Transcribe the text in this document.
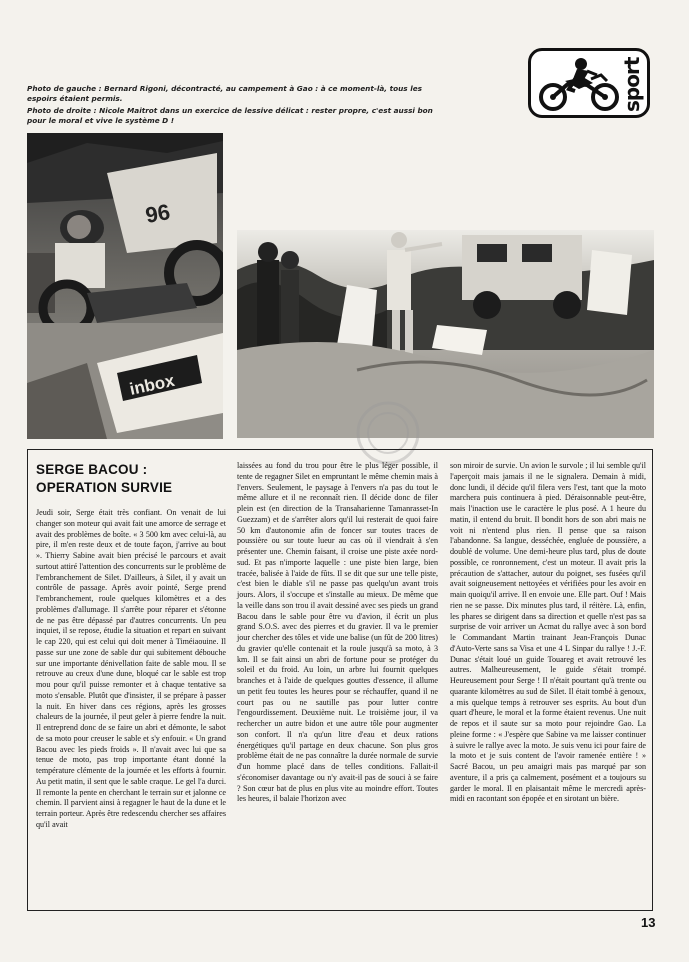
Photo de gauche : Bernard Rigoni, décontracté, au campement à Gao : à ce moment-là, tous les espoirs étaient permis.

Photo de droite : Nicole Maitrot dans un exercice de lessive délicat : rester propre, c'est aussi bon pour le moral et vive le système D !

sport
96
inbox
SERGE BACOU :
OPERATION SURVIE

Jeudi soir, Serge était très confiant. On venait de lui changer son moteur qui avait fait une amorce de serrage et avait des problèmes de boîte. « 3 500 km avec celui-là, au pire, il m'en reste deux et de toute façon, j'arrive au bout ». Thierry Sabine avait bien précisé le parcours et avait surtout attiré l'attention des concurrents sur le problème de l'embranchement de Silet. D'ailleurs, à Silet, il y avait un contrôle de passage. Après avoir pointé, Serge prend l'embranchement, roule quelques kilomètres et a des problèmes d'allumage. Il s'arrête pour réparer et s'étonne de ne pas être dépassé par d'autres concurrents. Un peu inquiet, il se repose, étudie la situation et repart en suivant le cap 220, qui est celui qui doit mener à Timéiaouine. Il passe sur une zone de sable dur qui subitement débouche sur une importante dénivellation faite de sable mou. Il se retrouve au creux d'une dune, bloqué car le sable est trop mou pour qu'il puisse remonter et à chaque tentative sa moto s'ensable. Plutôt que d'insister, il se prépare à passer la nuit. En hiver dans ces régions, après les grosses chaleurs de la journée, il peut geler à pierre fendre la nuit. Il entreprend donc de se faire un abri et démonte, le sabot de sa moto pour creuser le sable et s'y enfouir. « Un grand Bacou avec les pieds froids ». Il n'avait avec lui que sa tenue de moto, pas trop importante étant donné la température clémente de la journée et les efforts à fournir. Au petit matin, il sent que le sable craque. Le gel l'a durci. Il remonte la pente en cherchant le terrain sur et jalonne ce chemin. Il parvient ainsi à regagner le haut de la dune et le terrain porteur. Après être redescendu chercher ses affaires qu'il avait

laissées au fond du trou pour être le plus léger possible, il tente de regagner Silet en empruntant le même chemin mais à l'envers. Seulement, le paysage à l'envers n'a pas du tout le même allure et il ne reconnaît rien. Il décide donc de filer plein est (en direction de la Transaharienne Tamanrasset-In Guezzam) et de s'arrêter alors qu'il lui resterait de quoi faire 50 km d'autonomie afin de foncer sur toutes traces de poussière ou sur toute lueur au cas où il viendrait à s'en présenter une. Chemin faisant, il croise une piste axée nord-sud. Et pas n'importe laquelle : une piste bien large, bien tracée, balisée à l'aide de fûts. Il se dit que sur une telle piste, c'est bien le diable s'il ne passe pas quelqu'un avant trois jours. Alors, il s'occupe et s'installe au mieux. De même que la veille dans son trou il avait dessiné avec ses pieds un grand Bacou dans le sable pour être vu d'avion, il écrit un plus grand S.O.S. avec des pierres et du gravier. Il va le premier jour chercher des tôles et vide une balise (un fût de 200 litres) du gravier qu'elle contenait et la roule jusqu'à sa moto, à 3 km. Il se fait ainsi un abri de fortune pour se protéger du soleil et du froid. Au loin, un arbre lui fournit quelques branches et à l'aide de quelques gouttes d'essence, il allume un petit feu toutes les heures pour se réchauffer, quand il ne court pas ou ne sautille pas pour lutter contre l'engourdissement. Deuxième nuit. Le troisième jour, il va rechercher un autre bidon et une autre tôle pour augmenter son confort. Il n'a qu'un litre d'eau et deux rations énergétiques qu'il partage en deux chacune. Son plus gros problème était de ne pas connaître la durée normale de survie d'un homme placé dans de telles conditions. Fallait-il s'économiser davantage ou n'y avait-il pas de souci à se faire ? Son cœur bat de plus en plus vite au moindre effort. Toutes les heures, il balaie l'horizon avec

son miroir de survie. Un avion le survole ; il lui semble qu'il l'aperçoit mais jamais il ne le signalera. Demain à midi, donc lundi, il décide qu'il filera vers l'est, tant que la moto marchera puis continuera à pied. Déraisonnable peut-être, mais l'inaction use le caractère le plus posé. A 1 heure du matin, il entend du bruit. Il bondit hors de son abri mais ne voit ni n'entend plus rien. Il pense que sa raison l'abandonne. Sa langue, desséchée, engluée de poussière, a doublé de volume. Une demi-heure plus tard, plus de doute possible, ce ronronnement, c'est un moteur. Il avait pris la précaution de s'attacher, autour du poignet, ses fusées qu'il avait soigneusement nettoyées et vérifiées pour les avoir en main quoiqu'il arrive. Il en envoie une. Elle part. Ouf ! Mais rien ne se passe. Dix minutes plus tard, il réitère. Là, enfin, les phares se dirigent dans sa direction et quelle n'est pas sa surprise de voir arriver un Acmat du rallye avec à son bord le Commandant Martin trainant Jean-François Dunac d'Auto-Verte sans sa Visa et une 4 L Sinpar du rallye ! J.-F. Dunac s'était loué un guide Touareg et avait retrouvé les autres. Malheureusement, le guide s'était trompé. Heureusement pour Serge ! Il n'était pourtant qu'à trente ou quarante kilomètres au sud de Silet. Il était tombé à genoux, a mis quelque temps à retrouver ses esprits. Au bout d'un quart d'heure, le moral et la forme étaient revenus. Une nuit de repos et il saute sur sa moto pour rejoindre Gao. La pleine forme : « J'espère que Sabine va me laisser continuer à suivre le rallye avec la moto. Je suis venu ici pour faire de la moto et je suis content de l'avoir ramenée entière ! » Sacré Bacou, un peu amaigri mais pas marqué par son aventure, il a pris ça calmement, posément et a toujours su garder le moral. Il en plaisantait même le mercredi après-midi en racontant son épopée et en sirotant un bière.

13
